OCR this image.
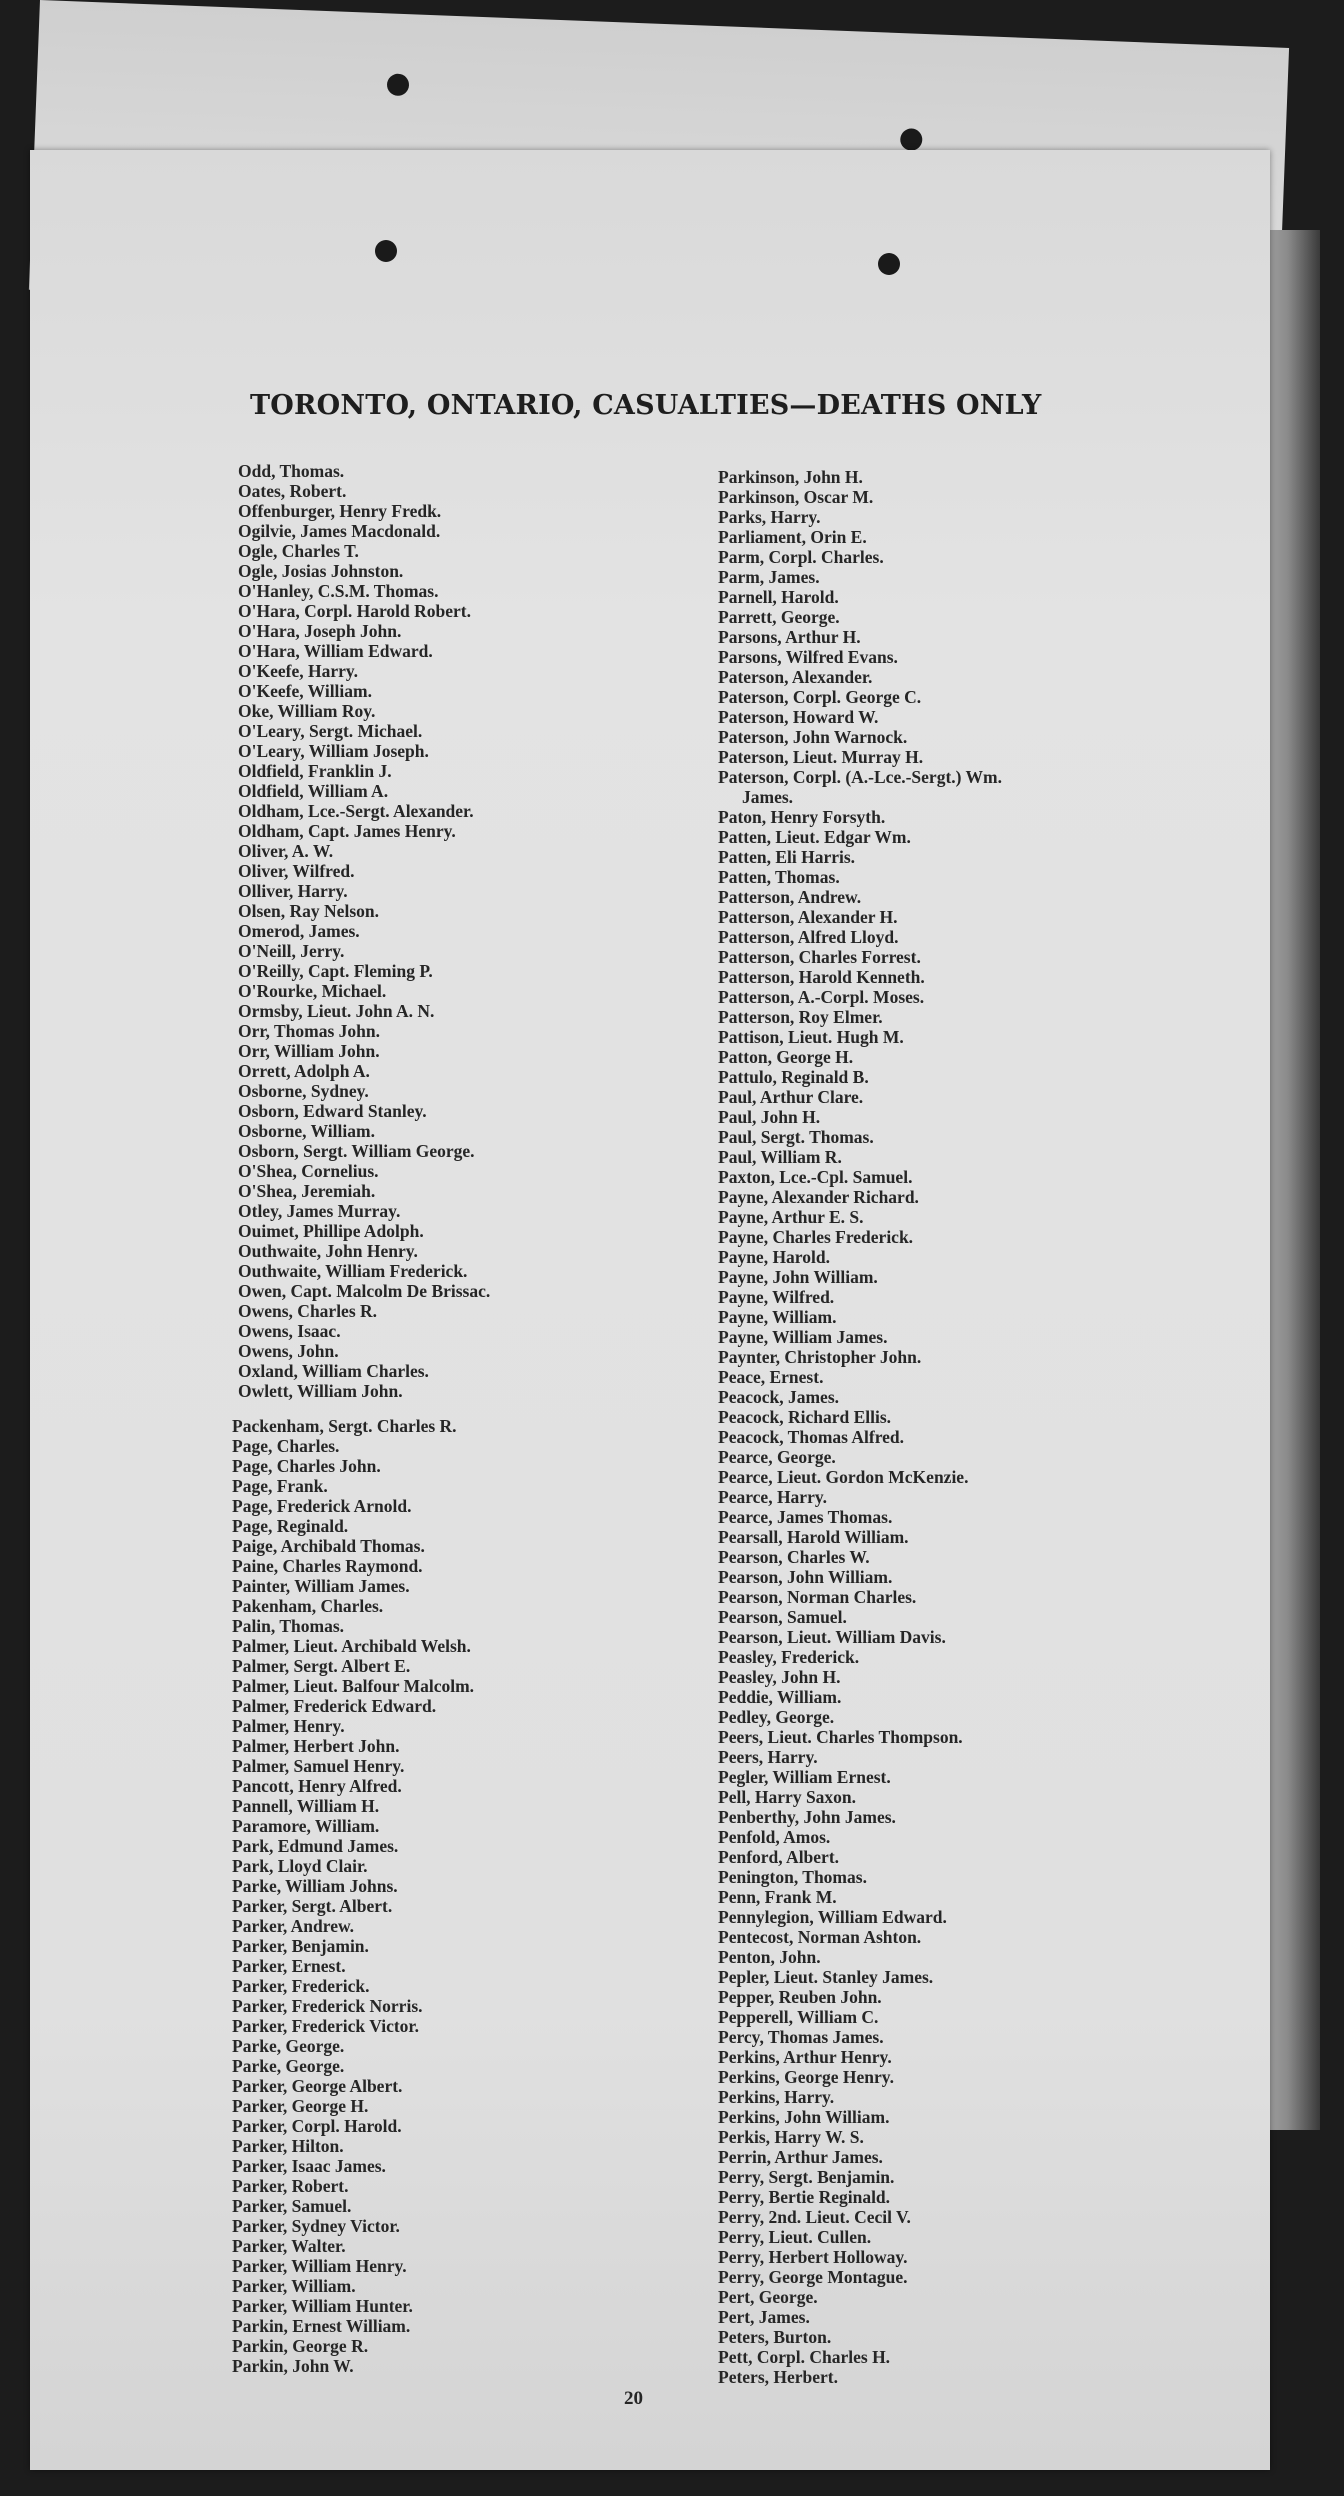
TORONTO, ONTARIO, CASUALTIES—DEATHS ONLY
Odd, Thomas.
Oates, Robert.
Offenburger, Henry Fredk.
Ogilvie, James Macdonald.
Ogle, Charles T.
Ogle, Josias Johnston.
O'Hanley, C.S.M. Thomas.
O'Hara, Corpl. Harold Robert.
O'Hara, Joseph John.
O'Hara, William Edward.
O'Keefe, Harry.
O'Keefe, William.
Oke, William Roy.
O'Leary, Sergt. Michael.
O'Leary, William Joseph.
Oldfield, Franklin J.
Oldfield, William A.
Oldham, Lce.-Sergt. Alexander.
Oldham, Capt. James Henry.
Oliver, A. W.
Oliver, Wilfred.
Olliver, Harry.
Olsen, Ray Nelson.
Omerod, James.
O'Neill, Jerry.
O'Reilly, Capt. Fleming P.
O'Rourke, Michael.
Ormsby, Lieut. John A. N.
Orr, Thomas John.
Orr, William John.
Orrett, Adolph A.
Osborne, Sydney.
Osborn, Edward Stanley.
Osborne, William.
Osborn, Sergt. William George.
O'Shea, Cornelius.
O'Shea, Jeremiah.
Otley, James Murray.
Ouimet, Phillipe Adolph.
Outhwaite, John Henry.
Outhwaite, William Frederick.
Owen, Capt. Malcolm De Brissac.
Owens, Charles R.
Owens, Isaac.
Owens, John.
Oxland, William Charles.
Owlett, William John.
Packenham, Sergt. Charles R.
Page, Charles.
Page, Charles John.
Page, Frank.
Page, Frederick Arnold.
Page, Reginald.
Paige, Archibald Thomas.
Paine, Charles Raymond.
Painter, William James.
Pakenham, Charles.
Palin, Thomas.
Palmer, Lieut. Archibald Welsh.
Palmer, Sergt. Albert E.
Palmer, Lieut. Balfour Malcolm.
Palmer, Frederick Edward.
Palmer, Henry.
Palmer, Herbert John.
Palmer, Samuel Henry.
Pancott, Henry Alfred.
Pannell, William H.
Paramore, William.
Park, Edmund James.
Park, Lloyd Clair.
Parke, William Johns.
Parker, Sergt. Albert.
Parker, Andrew.
Parker, Benjamin.
Parker, Ernest.
Parker, Frederick.
Parker, Frederick Norris.
Parker, Frederick Victor.
Parke, George.
Parke, George.
Parker, George Albert.
Parker, George H.
Parker, Corpl. Harold.
Parker, Hilton.
Parker, Isaac James.
Parker, Robert.
Parker, Samuel.
Parker, Sydney Victor.
Parker, Walter.
Parker, William Henry.
Parker, William.
Parker, William Hunter.
Parkin, Ernest William.
Parkin, George R.
Parkin, John W.
Parkinson, John H.
Parkinson, Oscar M.
Parks, Harry.
Parliament, Orin E.
Parm, Corpl. Charles.
Parm, James.
Parnell, Harold.
Parrett, George.
Parsons, Arthur H.
Parsons, Wilfred Evans.
Paterson, Alexander.
Paterson, Corpl. George C.
Paterson, Howard W.
Paterson, John Warnock.
Paterson, Lieut. Murray H.
Paterson, Corpl. (A.-Lce.-Sergt.) Wm.
James.
Paton, Henry Forsyth.
Patten, Lieut. Edgar Wm.
Patten, Eli Harris.
Patten, Thomas.
Patterson, Andrew.
Patterson, Alexander H.
Patterson, Alfred Lloyd.
Patterson, Charles Forrest.
Patterson, Harold Kenneth.
Patterson, A.-Corpl. Moses.
Patterson, Roy Elmer.
Pattison, Lieut. Hugh M.
Patton, George H.
Pattulo, Reginald B.
Paul, Arthur Clare.
Paul, John H.
Paul, Sergt. Thomas.
Paul, William R.
Paxton, Lce.-Cpl. Samuel.
Payne, Alexander Richard.
Payne, Arthur E. S.
Payne, Charles Frederick.
Payne, Harold.
Payne, John William.
Payne, Wilfred.
Payne, William.
Payne, William James.
Paynter, Christopher John.
Peace, Ernest.
Peacock, James.
Peacock, Richard Ellis.
Peacock, Thomas Alfred.
Pearce, George.
Pearce, Lieut. Gordon McKenzie.
Pearce, Harry.
Pearce, James Thomas.
Pearsall, Harold William.
Pearson, Charles W.
Pearson, John William.
Pearson, Norman Charles.
Pearson, Samuel.
Pearson, Lieut. William Davis.
Peasley, Frederick.
Peasley, John H.
Peddie, William.
Pedley, George.
Peers, Lieut. Charles Thompson.
Peers, Harry.
Pegler, William Ernest.
Pell, Harry Saxon.
Penberthy, John James.
Penfold, Amos.
Penford, Albert.
Penington, Thomas.
Penn, Frank M.
Pennylegion, William Edward.
Pentecost, Norman Ashton.
Penton, John.
Pepler, Lieut. Stanley James.
Pepper, Reuben John.
Pepperell, William C.
Percy, Thomas James.
Perkins, Arthur Henry.
Perkins, George Henry.
Perkins, Harry.
Perkins, John William.
Perkis, Harry W. S.
Perrin, Arthur James.
Perry, Sergt. Benjamin.
Perry, Bertie Reginald.
Perry, 2nd. Lieut. Cecil V.
Perry, Lieut. Cullen.
Perry, Herbert Holloway.
Perry, George Montague.
Pert, George.
Pert, James.
Peters, Burton.
Pett, Corpl. Charles H.
Peters, Herbert.
20
